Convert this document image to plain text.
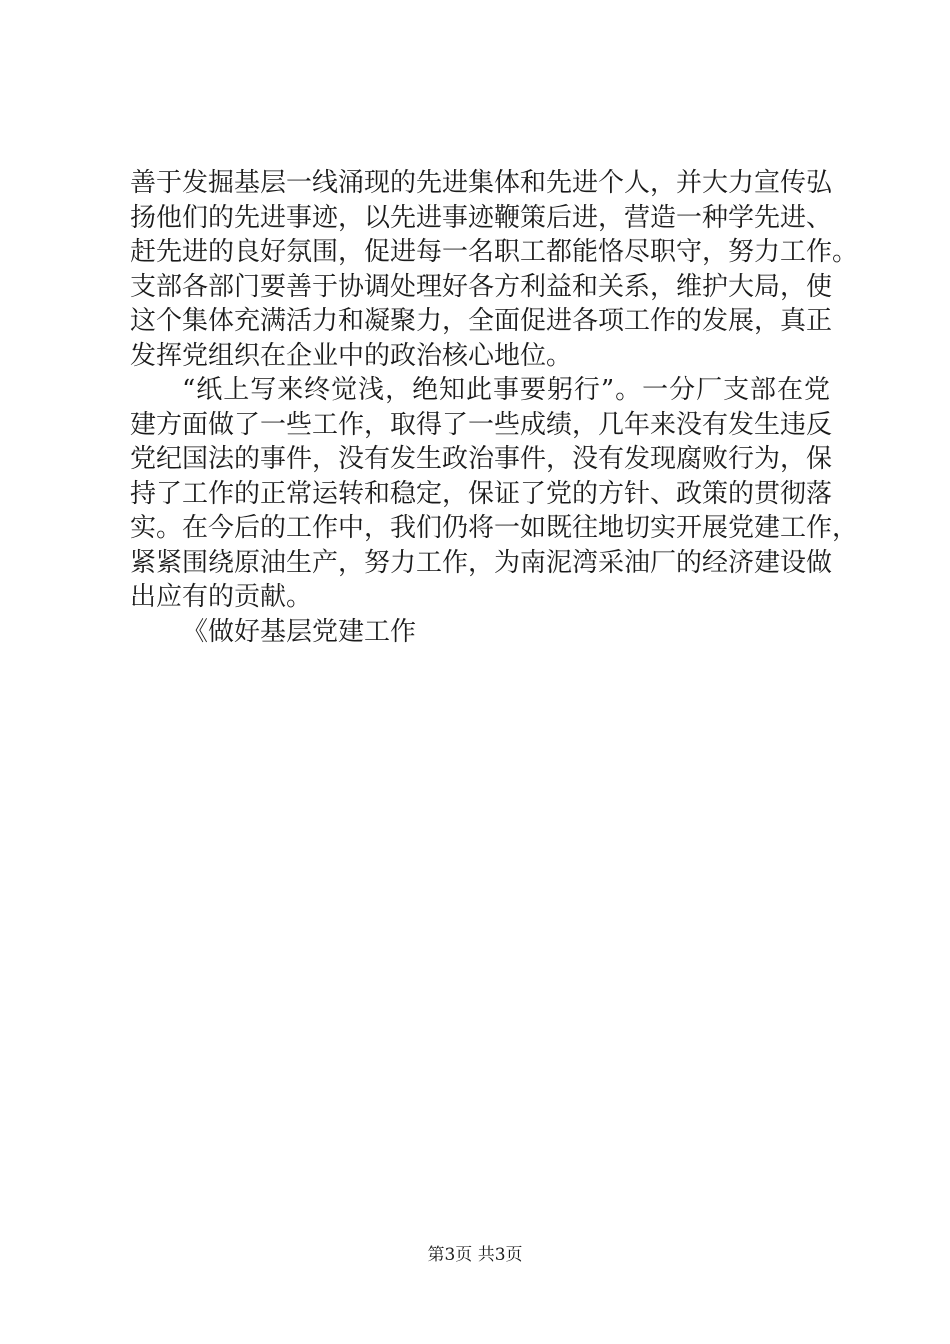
善于发掘基层一线涌现的先进集体和先进个人，并大力宣传弘
扬他们的先进事迹，以先进事迹鞭策后进，营造一种学先进、
赶先进的良好氛围，促进每一名职工都能恪尽职守，努力工作。
支部各部门要善于协调处理好各方利益和关系，维护大局，使
这个集体充满活力和凝聚力，全面促进各项工作的发展，真正
发挥党组织在企业中的政治核心地位。
“纸上写来终觉浅，绝知此事要躬行”。一分厂支部在党
建方面做了一些工作，取得了一些成绩，几年来没有发生违反
党纪国法的事件，没有发生政治事件，没有发现腐败行为，保
持了工作的正常运转和稳定，保证了党的方针、政策的贯彻落
实。在今后的工作中，我们仍将一如既往地切实开展党建工作，
紧紧围绕原油生产，努力工作，为南泥湾采油厂的经济建设做
出应有的贡献。
《做好基层党建工作
第3页 共3页
